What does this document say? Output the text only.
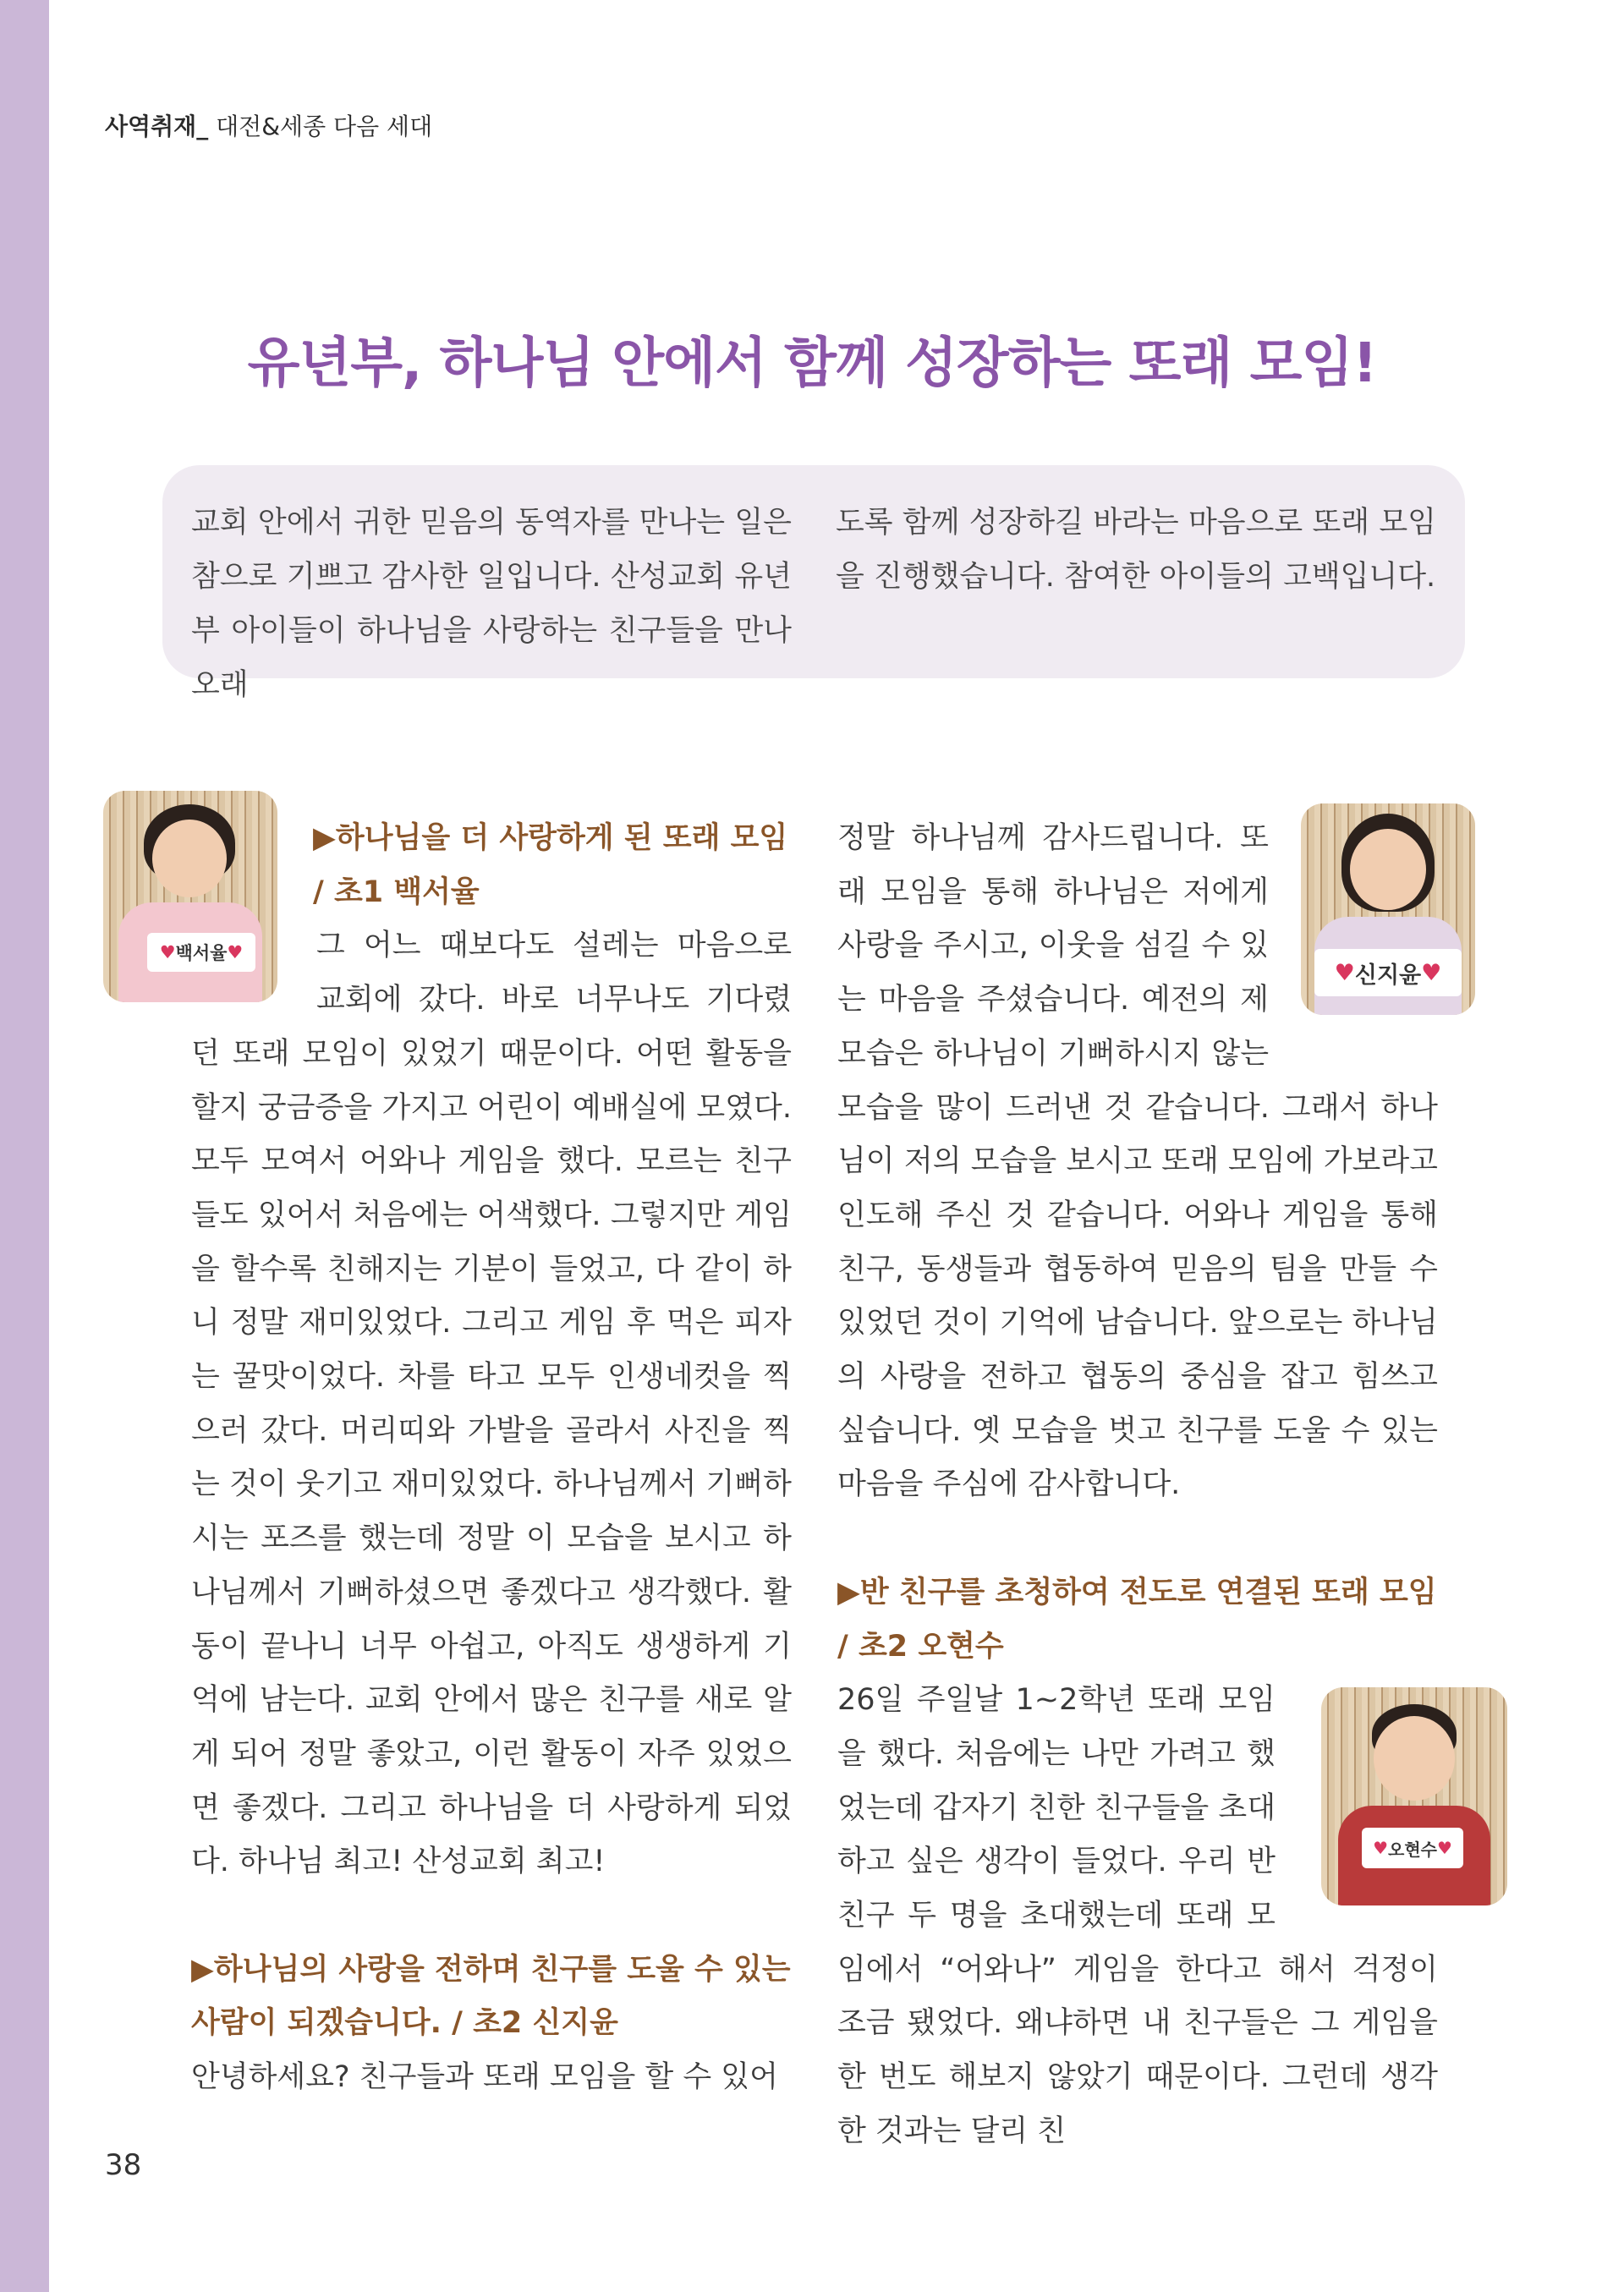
사역취재_ 대전&세종 다음 세대
유년부, 하나님 안에서 함께 성장하는 또래 모임!
교회 안에서 귀한 믿음의 동역자를 만나는 일은 참으로 기쁘고 감사한 일입니다. 산성교회 유년부 아이들이 하나님을 사랑하는 친구들을 만나 오래
도록 함께 성장하길 바라는 마음으로 또래 모임을 진행했습니다. 참여한 아이들의 고백입니다.
♥ 백서율 ♥
♥ 신지윤 ♥
♥ 오현수 ♥

▶하나님을 더 사랑하게 된 또래 모임

/ 초1 백서율

그 어느 때보다도 설레는 마음으로 교회에 갔다. 바로 너무나도 기다렸던 또래 모임이 있었기 때문이다. 어떤 활동을 할지 궁금증을 가지고 어린이 예배실에 모였다. 모두 모여서 어와나 게임을 했다. 모르는 친구들도 있어서 처음에는 어색했다. 그렇지만 게임을 할수록 친해지는 기분이 들었고, 다 같이 하니 정말 재미있었다. 그리고 게임 후 먹은 피자는 꿀맛이었다. 차를 타고 모두 인생네컷을 찍으러 갔다. 머리띠와 가발을 골라서 사진을 찍는 것이 웃기고 재미있었다. 하나님께서 기뻐하시는 포즈를 했는데 정말 이 모습을 보시고 하나님께서 기뻐하셨으면 좋겠다고 생각했다. 활동이 끝나니 너무 아쉽고, 아직도 생생하게 기억에 남는다. 교회 안에서 많은 친구를 새로 알게 되어 정말 좋았고, 이런 활동이 자주 있었으면 좋겠다. 그리고 하나님을 더 사랑하게 되었다. 하나님 최고! 산성교회 최고!

▶하나님의 사랑을 전하며 친구를 도울 수 있는 사람이 되겠습니다. / 초2 신지윤

안녕하세요? 친구들과 또래 모임을 할 수 있어

정말 하나님께 감사드립니다. 또래 모임을 통해 하나님은 저에게 사랑을 주시고, 이웃을 섬길 수 있는 마음을 주셨습니다. 예전의 제 모습은 하나님이 기뻐하시지 않는 모습을 많이 드러낸 것 같습니다. 그래서 하나님이 저의 모습을 보시고 또래 모임에 가보라고 인도해 주신 것 같습니다. 어와나 게임을 통해 친구, 동생들과 협동하여 믿음의 팀을 만들 수 있었던 것이 기억에 남습니다. 앞으로는 하나님의 사랑을 전하고 협동의 중심을 잡고 힘쓰고 싶습니다. 옛 모습을 벗고 친구를 도울 수 있는 마음을 주심에 감사합니다.

▶반 친구를 초청하여 전도로 연결된 또래 모임

/ 초2 오현수

26일 주일날 1~2학년 또래 모임을 했다. 처음에는 나만 가려고 했었는데 갑자기 친한 친구들을 초대하고 싶은 생각이 들었다. 우리 반 친구 두 명을 초대했는데 또래 모임에서 “어와나” 게임을 한다고 해서 걱정이 조금 됐었다. 왜냐하면 내 친구들은 그 게임을 한 번도 해보지 않았기 때문이다. 그런데 생각한 것과는 달리 친

38
